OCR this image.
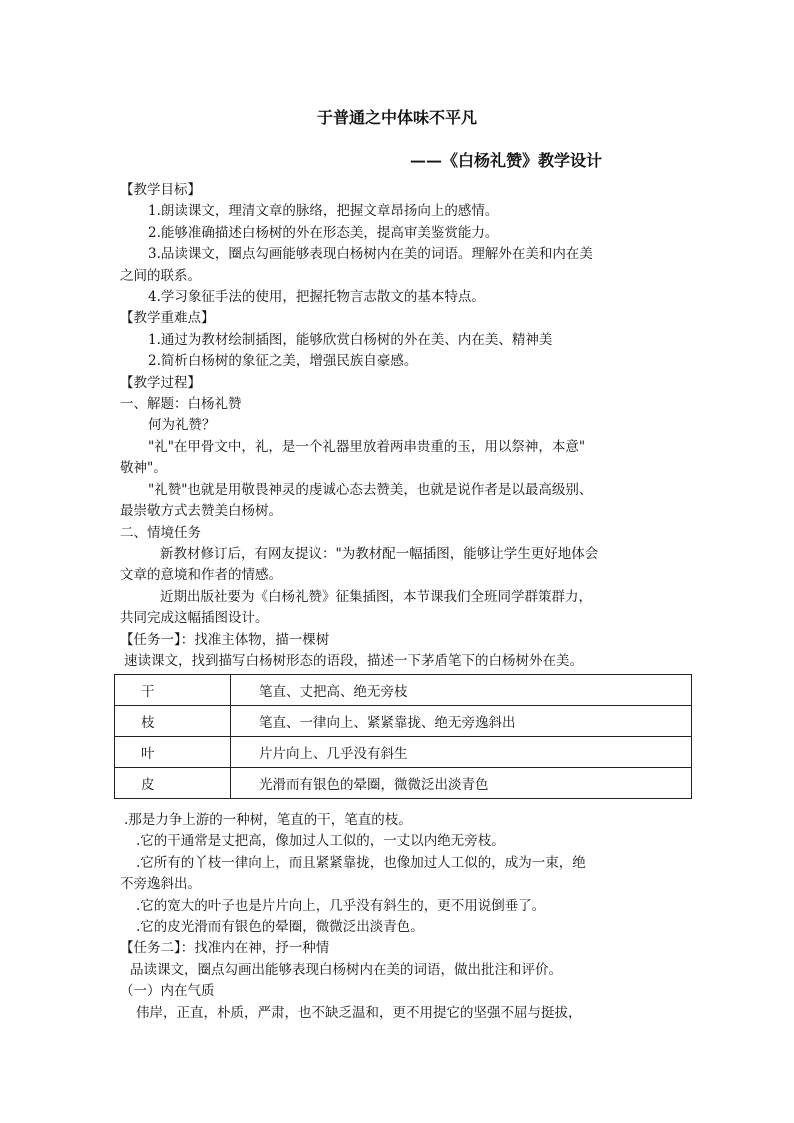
于普通之中体味不平凡
——《白杨礼赞》教学设计
【教学目标】
1.朗读课文，理清文章的脉络，把握文章昂扬向上的感情。
2.能够准确描述白杨树的外在形态美，提高审美鉴赏能力。
3.品读课文，圈点勾画能够表现白杨树内在美的词语。理解外在美和内在美
之间的联系。
4.学习象征手法的使用，把握托物言志散文的基本特点。
【教学重难点】
1.通过为教材绘制插图，能够欣赏白杨树的外在美、内在美、精神美
2.简析白杨树的象征之美，增强民族自豪感。
【教学过程】
一、解题：白杨礼赞
何为礼赞？
"礼"在甲骨文中，礼，是一个礼器里放着两串贵重的玉，用以祭神，本意"
敬神"。
"礼赞"也就是用敬畏神灵的虔诚心态去赞美，也就是说作者是以最高级别、
最崇敬方式去赞美白杨树。
二、情境任务
新教材修订后，有网友提议："为教材配一幅插图，能够让学生更好地体会
文章的意境和作者的情感。
近期出版社要为《白杨礼赞》征集插图，本节课我们全班同学群策群力，
共同完成这幅插图设计。
【任务一】：找准主体物，描一棵树
速读课文，找到描写白杨树形态的语段，描述一下茅盾笔下的白杨树外在美。
干	笔直、丈把高、绝无旁枝
枝	笔直、一律向上、紧紧靠拢、绝无旁逸斜出
叶	片片向上、几乎没有斜生
皮	光滑而有银色的晕圈，微微泛出淡青色
.那是力争上游的一种树，笔直的干，笔直的枝。
.它的干通常是丈把高，像加过人工似的，一丈以内绝无旁枝。
.它所有的丫枝一律向上，而且紧紧靠拢，也像加过人工似的，成为一束，绝
不旁逸斜出。
.它的宽大的叶子也是片片向上，几乎没有斜生的，更不用说倒垂了。
.它的皮光滑而有银色的晕圈，微微泛出淡青色。
【任务二】：找准内在神，抒一种情
品读课文，圈点勾画出能够表现白杨树内在美的词语，做出批注和评价。
（一）内在气质
伟岸，正直，朴质，严肃，也不缺乏温和，更不用提它的坚强不屈与挺拔，
